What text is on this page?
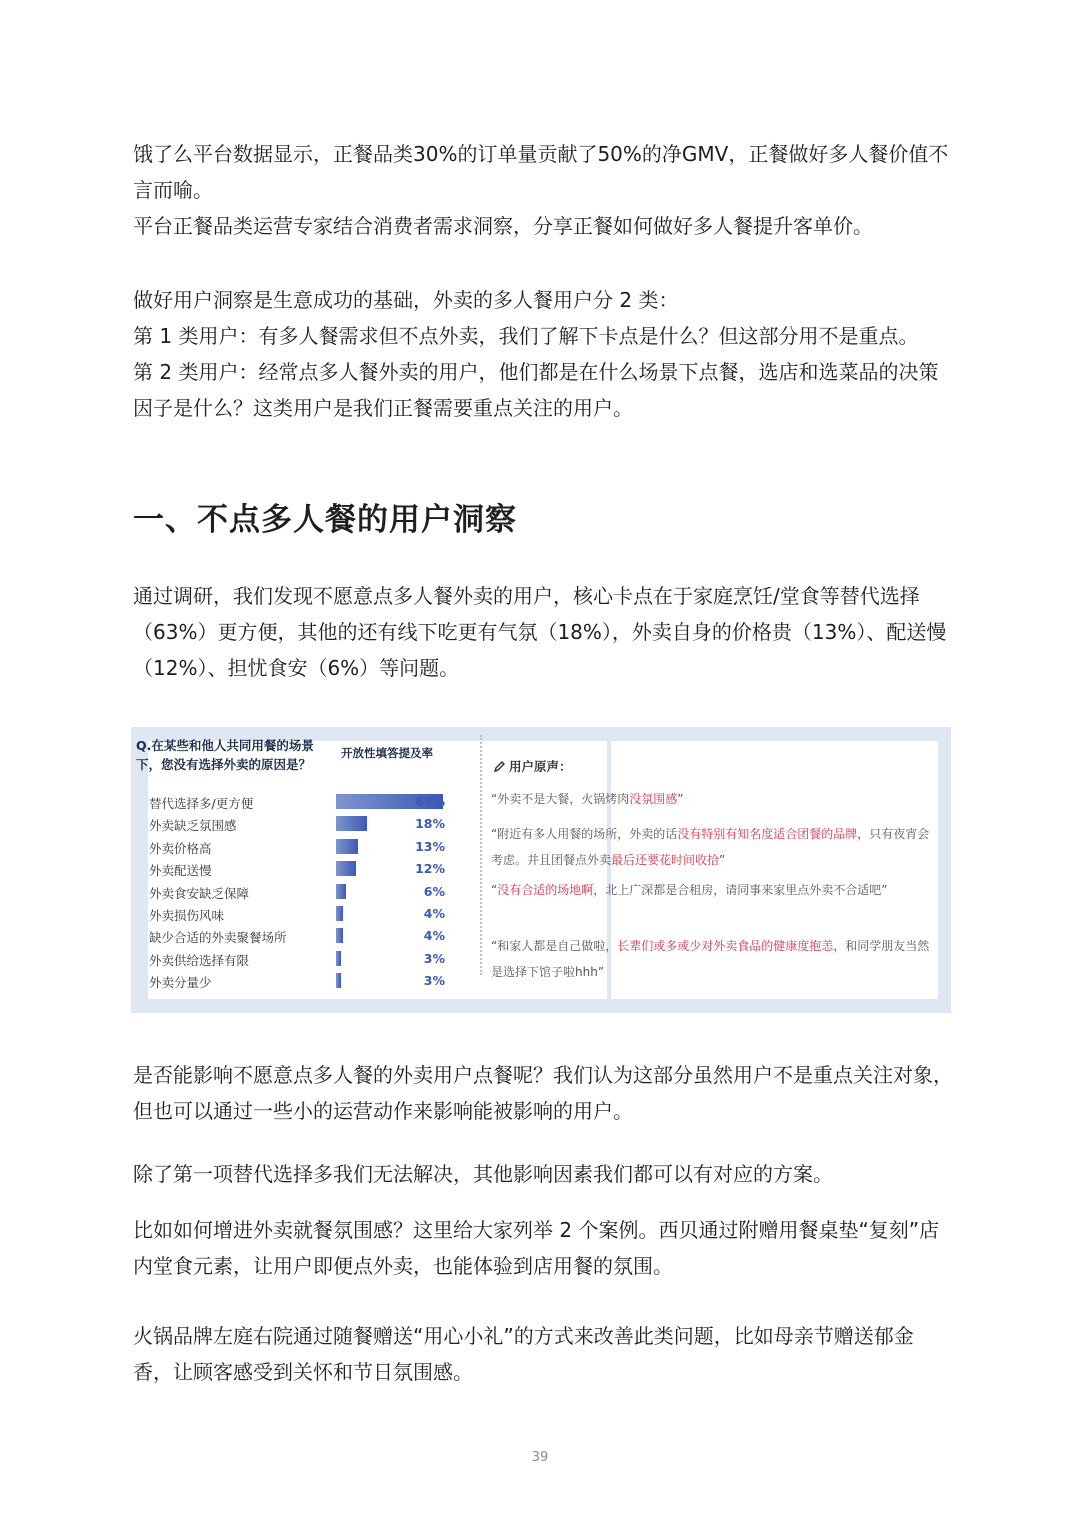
饿了么平台数据显示，正餐品类30%的订单量贡献了50%的净GMV，正餐做好多人餐价值不言而喻。

平台正餐品类运营专家结合消费者需求洞察，分享正餐如何做好多人餐提升客单价。

做好用户洞察是生意成功的基础，外卖的多人餐用户分 2 类：

第 1 类用户：有多人餐需求但不点外卖，我们了解下卡点是什么？但这部分用不是重点。

第 2 类用户：经常点多人餐外卖的用户，他们都是在什么场景下点餐，选店和选菜品的决策因子是什么？这类用户是我们正餐需要重点关注的用户。

一、不点多人餐的用户洞察

通过调研，我们发现不愿意点多人餐外卖的用户，核心卡点在于家庭烹饪/堂食等替代选择（63%）更方便，其他的还有线下吃更有气氛（18%），外卖自身的价格贵（13%）、配送慢（12%）、担忧食安（6%）等问题。

Q.在某些和他人共同用餐的场景下，您没有选择外卖的原因是？
开放性填答提及率
替代选择多/更方便	63%
外卖缺乏氛围感	18%
外卖价格高	13%
外卖配送慢	12%
外卖食安缺乏保障	6%
外卖损伤风味	4%
缺少合适的外卖聚餐场所	4%
外卖供给选择有限	3%
外卖分量少	3%
用户原声：
“外卖不是大餐，火锅烤肉没氛围感”
“附近有多人用餐的场所，外卖的话没有特别有知名度适合团餐的品牌，只有夜宵会考虑。并且团餐点外卖最后还要花时间收拾”
“没有合适的场地啊，北上广深都是合租房，请同事来家里点外卖不合适吧”
“和家人都是自己做啦，长辈们或多或少对外卖食品的健康度抱恙，和同学朋友当然是选择下馆子啦hhh”

是否能影响不愿意点多人餐的外卖用户点餐呢？我们认为这部分虽然用户不是重点关注对象，但也可以通过一些小的运营动作来影响能被影响的用户。

除了第一项替代选择多我们无法解决，其他影响因素我们都可以有对应的方案。

比如如何增进外卖就餐氛围感？这里给大家列举 2 个案例。西贝通过附赠用餐桌垫“复刻”店内堂食元素，让用户即便点外卖，也能体验到店用餐的氛围。

火锅品牌左庭右院通过随餐赠送“用心小礼”的方式来改善此类问题，比如母亲节赠送郁金香，让顾客感受到关怀和节日氛围感。

39
